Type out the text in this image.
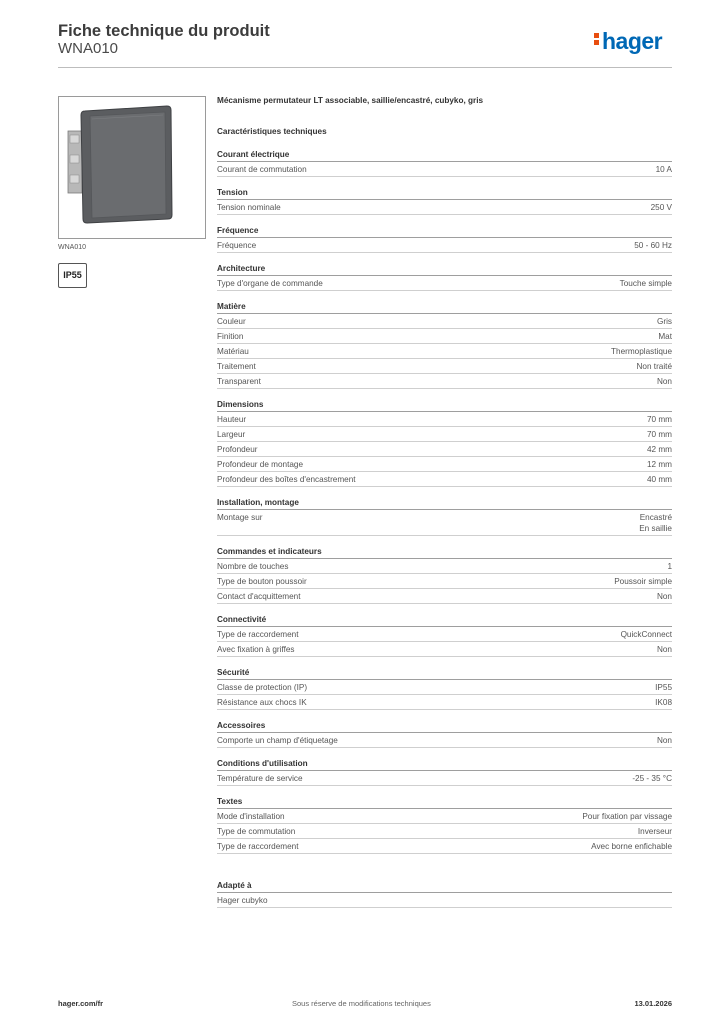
Fiche technique du produit
WNA010	hager
WNA010
IP55
Mécanisme permutateur LT associable, saillie/encastré, cubyko, gris
Caractéristiques techniques
Courant électrique
Courant de commutation	10 A
Tension
Tension nominale	250 V
Fréquence
Fréquence	50 - 60 Hz
Architecture
Type d'organe de commande	Touche simple
Matière
Couleur	Gris
Finition	Mat
Matériau	Thermoplastique
Traitement	Non traité
Transparent	Non
Dimensions
Hauteur	70 mm
Largeur	70 mm
Profondeur	42 mm
Profondeur de montage	12 mm
Profondeur des boîtes d'encastrement	40 mm
Installation, montage
Montage sur	Encastré
En saillie
Commandes et indicateurs
Nombre de touches	1
Type de bouton poussoir	Poussoir simple
Contact d'acquittement	Non
Connectivité
Type de raccordement	QuickConnect
Avec fixation à griffes	Non
Sécurité
Classe de protection (IP)	IP55
Résistance aux chocs IK	IK08
Accessoires
Comporte un champ d'étiquetage	Non
Conditions d'utilisation
Température de service	-25 - 35 °C
Textes
Mode d'installation	Pour fixation par vissage
Type de commutation	Inverseur
Type de raccordement	Avec borne enfichable
Adapté à
Hager cubyko
hager.com/fr	Sous réserve de modifications techniques	13.01.2026
